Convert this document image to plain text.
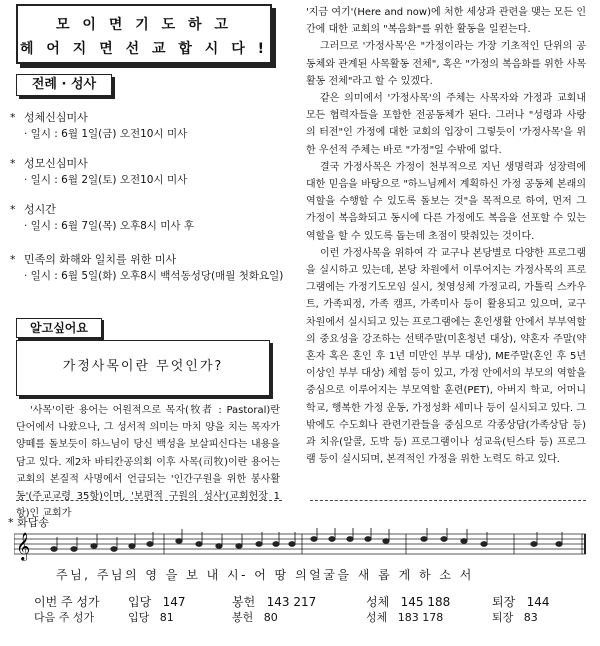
모 이 면 기 도 하 고
헤 어 지 면 선 교 합 시 다 !
전례 · 성사
* 성체신심미사
· 일시 : 6월 1일(금) 오전10시 미사
* 성모신심미사
· 일시 : 6월 2일(토) 오전10시 미사
* 성시간
· 일시 : 6월 7일(목) 오후8시 미사 후
* 민족의 화해와 일치를 위한 미사
· 일시 : 6월 5일(화) 오후8시 백석동성당(매월 첫화요일)
가정사목이란 무엇인가?
알고싶어요

'사목'이란 용어는 어원적으로 목자(牧者 : Pastoral)란 단어에서 나왔으나, 그 성서적 의미는 마치 양을 치는 목자가 양떼를 돌보듯이 하느님이 당신 백성을 보살피신다는 내용을 담고 있다. 제2차 바티칸공의회 이후 사목(司牧)이란 용어는 교회의 본질적 사명에서 언급되는 '인간구원을 위한 봉사활동'(주교교령 35항)이며, '보편적 구원의 성사'(교회헌장 1항)인 교회가

'지금 여기'(Here and now)에 처한 세상과 관련을 맺는 모든 인간에 대한 교회의 "복음화"를 위한 활동을 일컫는다.

그러므로 '가정사목'은 "가정이라는 가장 기초적인 단위의 공동체와 관계된 사목활동 전체", 혹은 "가정의 복음화를 위한 사목활동 전체"라고 할 수 있겠다.

같은 의미에서 '가정사목'의 주체는 사목자와 가정과 교회내 모든 협력자들을 포함한 전공동체가 된다. 그러나 "성령과 사랑의 터전"인 가정에 대한 교회의 입장이 그렇듯이 '가정사목'을 위한 우선적 주체는 바로 "가정"일 수밖에 없다.

결국 가정사목은 가정이 천부적으로 지닌 생명력과 성장력에 대한 믿음을 바탕으로 "하느님께서 계획하신 가정 공동체 본래의 역할을 수행할 수 있도록 돌보는 것"을 목적으로 하여, 먼저 그 가정이 복음화되고 동시에 다른 가정에도 복음을 선포할 수 있는 역할을 할 수 있도록 돕는데 초점이 맞춰있는 것이다.

이런 가정사목을 위하여 각 교구나 본당별로 다양한 프로그램을 실시하고 있는데, 본당 차원에서 이루어지는 가정사목의 프로그램에는 가정기도모임 실시, 첫영성체 가정교리, 가톨릭 스카우트, 가족피정, 가족 캠프, 가족미사 등이 활용되고 있으며, 교구 차원에서 실시되고 있는 프로그램에는 혼인생활 안에서 부부역할의 중요성을 강조하는 선택주말(미혼청년 대상), 약혼자 주말(약혼자 혹은 혼인 후 1년 미만인 부부 대상), ME주말(혼인 후 5년 이상인 부부 대상) 체험 등이 있고, 가정 안에서의 부모의 역할을 중심으로 이루어지는 부모역할 훈련(PET), 아버지 학교, 어머니 학교, 행복한 가정 운동, 가정성화 세미나 등이 실시되고 있다. 그밖에도 수도회나 관련기관들을 중심으로 각종상담(가족상담 등)과 치유(알콜, 도박 등) 프로그램이나 성교육(틴스타 등) 프로그램 등이 실시되며, 본격적인 가정을 위한 노력도 하고 있다.

* 화답송
𝄞
주님, 주님의 영 을 보 내 시- 어 땅 의얼굴을 새 롭 게 하 소 서
이번 주 성가 입당 147	봉헌 143 217	성체 145 188	퇴장 144
다음 주 성가	입당 81	봉헌 80	성체 183 178	퇴장 83
